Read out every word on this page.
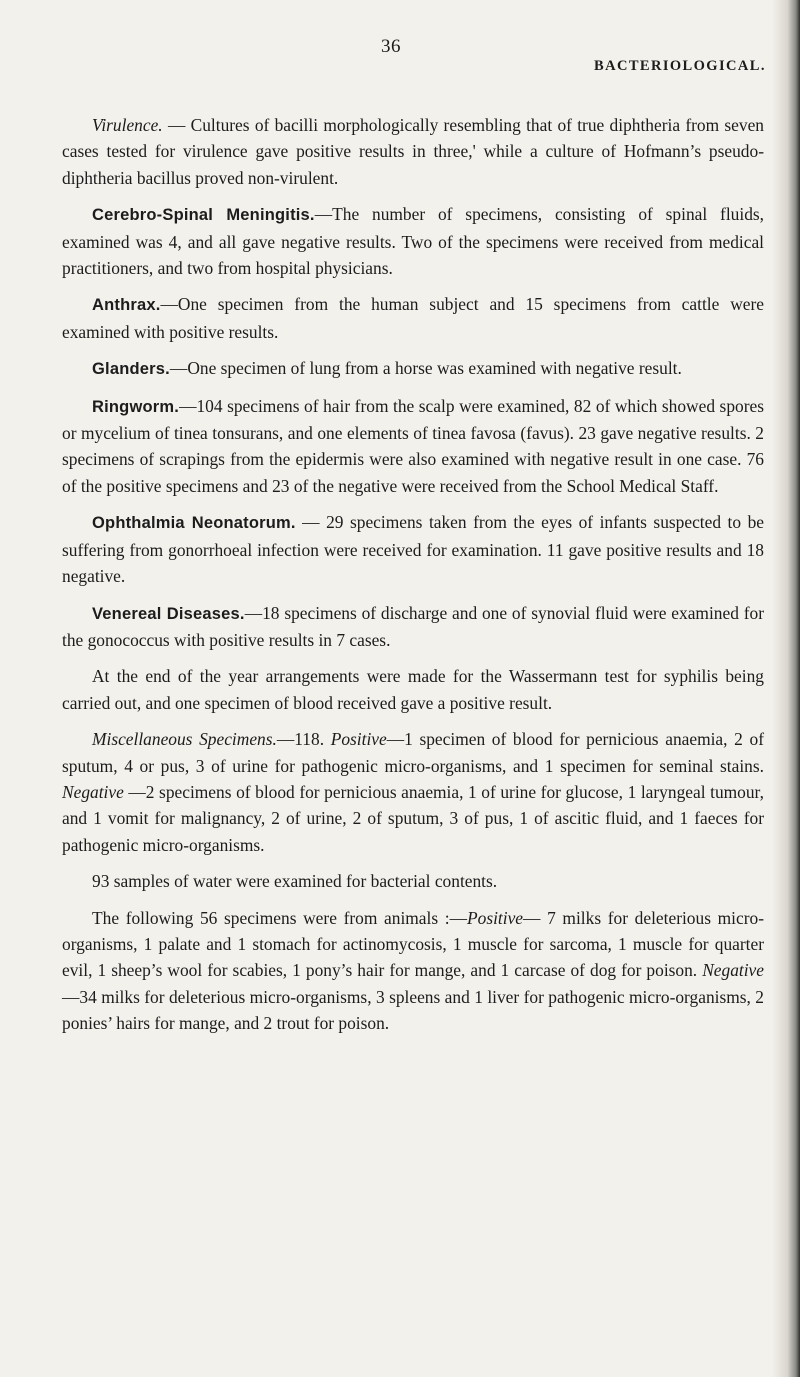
36
BACTERIOLOGICAL.

Virulence. — Cultures of bacilli morphologically resembling that of true diphtheria from seven cases tested for virulence gave positive results in three,' while a culture of Hofmann’s pseudo-diphtheria bacillus proved non-virulent.

Cerebro-Spinal Meningitis.—The number of specimens, consisting of spinal fluids, examined was 4, and all gave negative results. Two of the specimens were received from medical practitioners, and two from hospital physicians.

Anthrax.—One specimen from the human subject and 15 specimens from cattle were examined with positive results.

Glanders.—One specimen of lung from a horse was examined with negative result.

Ringworm.—104 specimens of hair from the scalp were examined, 82 of which showed spores or mycelium of tinea tonsurans, and one elements of tinea favosa (favus). 23 gave negative results. 2 specimens of scrapings from the epidermis were also examined with negative result in one case. 76 of the positive specimens and 23 of the negative were received from the School Medical Staff.

Ophthalmia Neonatorum. — 29 specimens taken from the eyes of infants suspected to be suffering from gonorrhoeal infection were received for examination. 11 gave positive results and 18 negative.

Venereal Diseases.—18 specimens of discharge and one of synovial fluid were examined for the gonococcus with positive results in 7 cases.

At the end of the year arrangements were made for the Wassermann test for syphilis being carried out, and one specimen of blood received gave a positive result.

Miscellaneous Specimens.—118. Positive—1 specimen of blood for pernicious anaemia, 2 of sputum, 4 or pus, 3 of urine for pathogenic micro-organisms, and 1 specimen for seminal stains. Negative —2 specimens of blood for pernicious anaemia, 1 of urine for glucose, 1 laryngeal tumour, and 1 vomit for malignancy, 2 of urine, 2 of sputum, 3 of pus, 1 of ascitic fluid, and 1 faeces for pathogenic micro-organisms.

93 samples of water were examined for bacterial contents.

The following 56 specimens were from animals :—Positive— 7 milks for deleterious micro-organisms, 1 palate and 1 stomach for actinomycosis, 1 muscle for sarcoma, 1 muscle for quarter evil, 1 sheep’s wool for scabies, 1 pony’s hair for mange, and 1 carcase of dog for poison. Negative—34 milks for deleterious micro-organisms, 3 spleens and 1 liver for pathogenic micro-organisms, 2 ponies’ hairs for mange, and 2 trout for poison.
